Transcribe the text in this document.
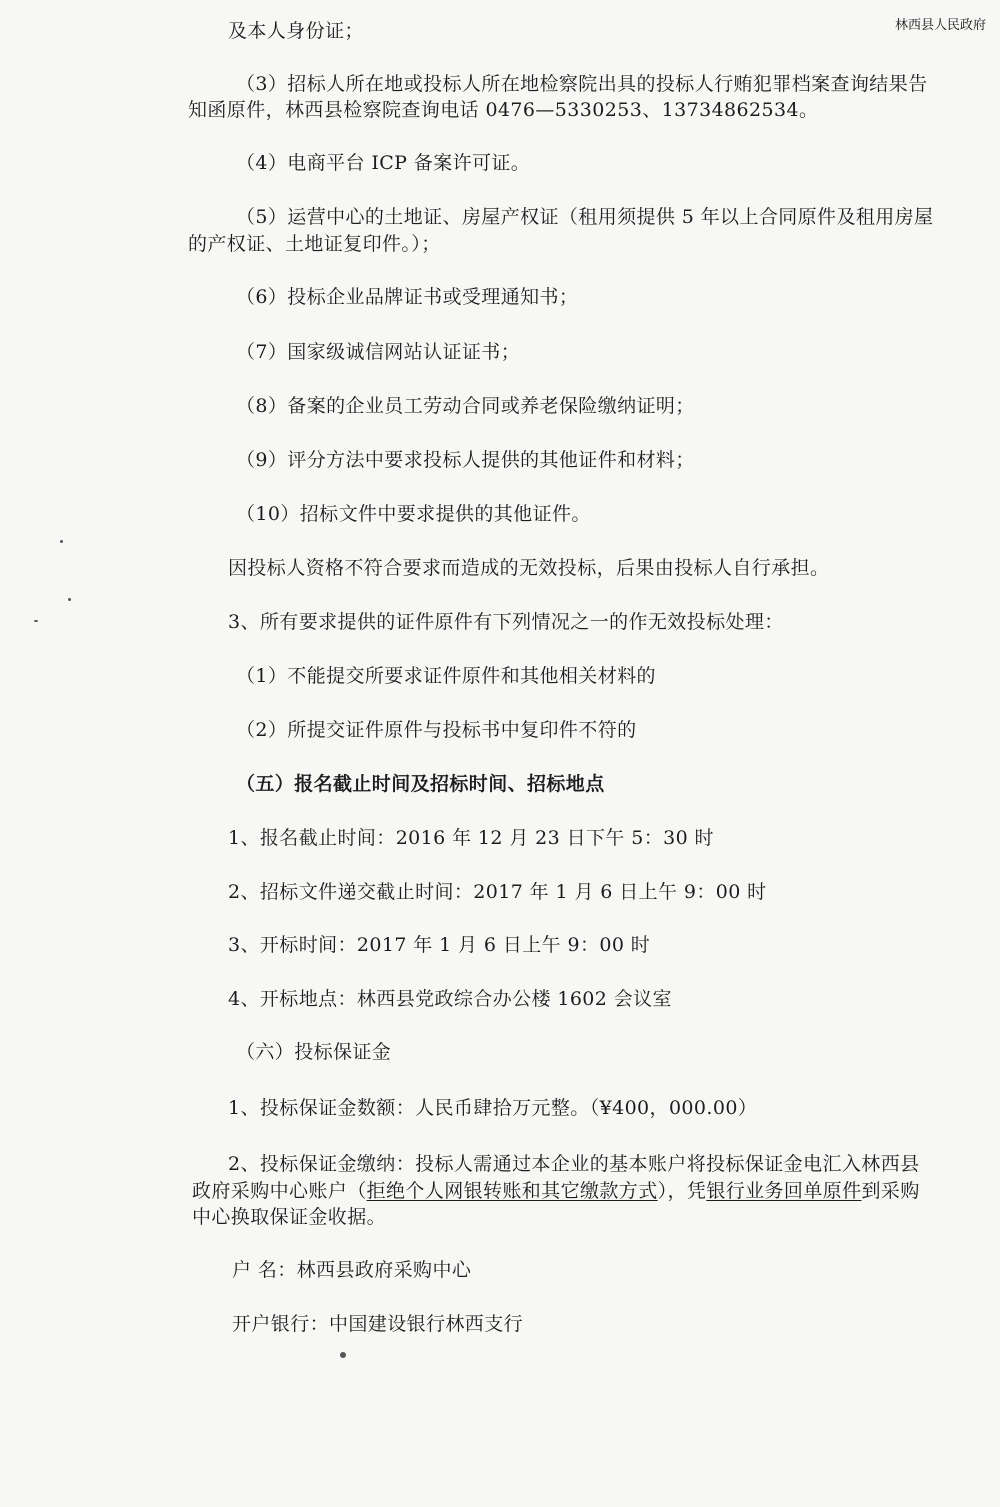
林西县人民政府

及本人身份证；

（3）招标人所在地或投标人所在地检察院出具的投标人行贿犯罪档案查询结果告

知函原件，林西县检察院查询电话 0476—5330253、13734862534。

（4）电商平台 ICP 备案许可证。

（5）运营中心的土地证、房屋产权证（租用须提供 5 年以上合同原件及租用房屋

的产权证、土地证复印件。）；

（6）投标企业品牌证书或受理通知书；

（7）国家级诚信网站认证证书；

（8）备案的企业员工劳动合同或养老保险缴纳证明；

（9）评分方法中要求投标人提供的其他证件和材料；

（10）招标文件中要求提供的其他证件。

因投标人资格不符合要求而造成的无效投标，后果由投标人自行承担。

3、所有要求提供的证件原件有下列情况之一的作无效投标处理：

（1）不能提交所要求证件原件和其他相关材料的

（2）所提交证件原件与投标书中复印件不符的

（五）报名截止时间及招标时间、招标地点

1、报名截止时间：2016 年 12 月 23 日下午 5：30 时

2、招标文件递交截止时间：2017 年 1 月 6 日上午 9：00 时

3、开标时间：2017 年 1 月 6 日上午 9：00 时

4、开标地点：林西县党政综合办公楼 1602 会议室

（六）投标保证金

1、投标保证金数额：人民币肆拾万元整。（¥400，000.00）

2、投标保证金缴纳：投标人需通过本企业的基本账户将投标保证金电汇入林西县

政府采购中心账户（拒绝个人网银转账和其它缴款方式），凭银行业务回单原件到采购

中心换取保证金收据。

户 名：林西县政府采购中心

开户银行：中国建设银行林西支行
